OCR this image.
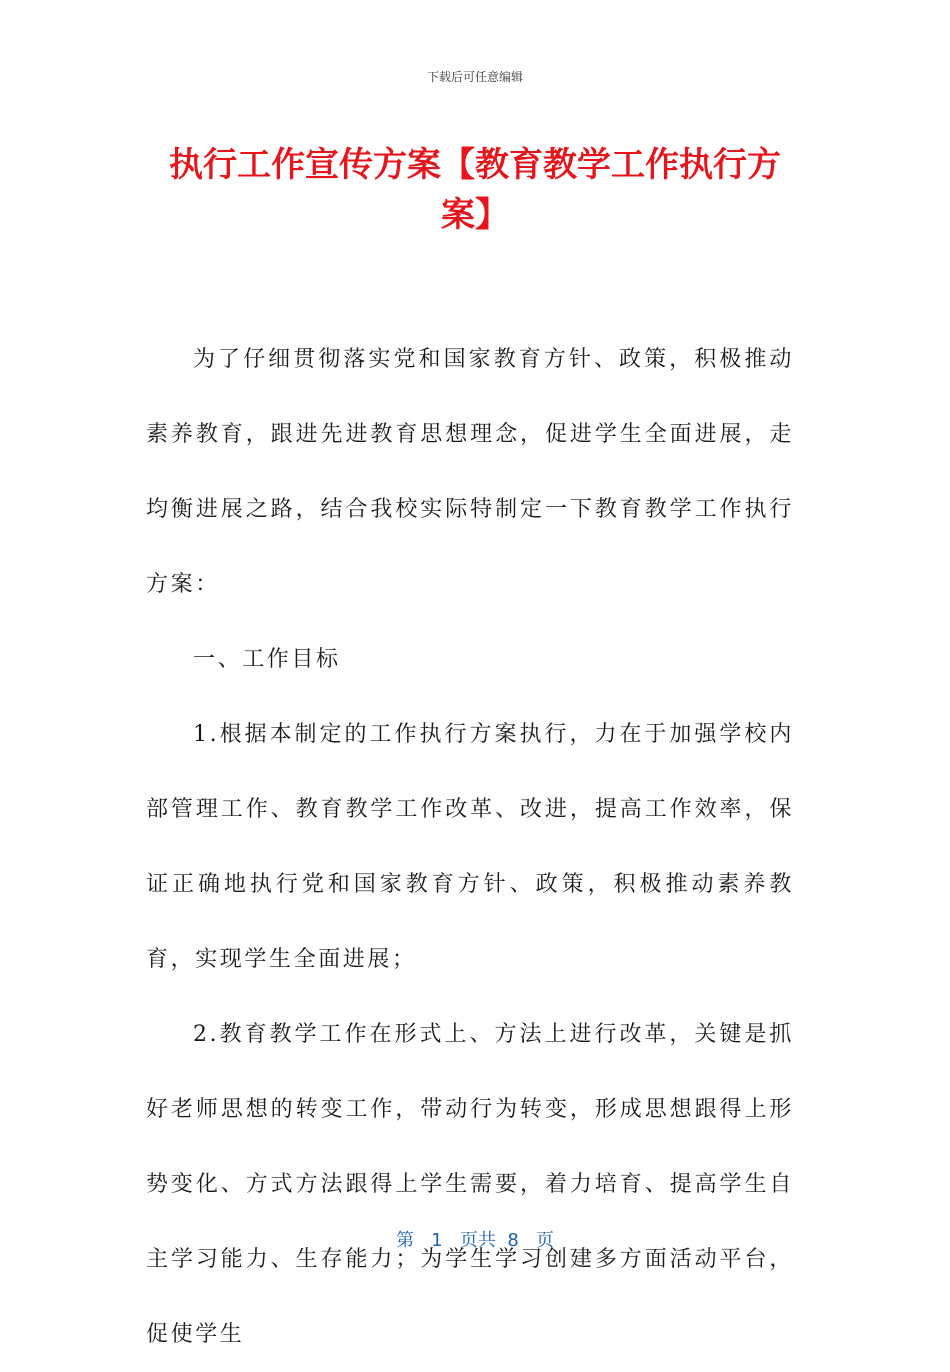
下载后可任意编辑
执行工作宣传方案【教育教学工作执行方案】

为了仔细贯彻落实党和国家教育方针、政策，积极推动素养教育，跟进先进教育思想理念，促进学生全面进展，走均衡进展之路，结合我校实际特制定一下教育教学工作执行方案：

一、工作目标

1.根据本制定的工作执行方案执行，力在于加强学校内部管理工作、教育教学工作改革、改进，提高工作效率，保证正确地执行党和国家教育方针、政策，积极推动素养教育，实现学生全面进展；

2.教育教学工作在形式上、方法上进行改革，关键是抓好老师思想的转变工作，带动行为转变，形成思想跟得上形势变化、方式方法跟得上学生需要，着力培育、提高学生自主学习能力、生存能力；为学生学习创建多方面活动平台，促使学生

第 1 页共 8 页
